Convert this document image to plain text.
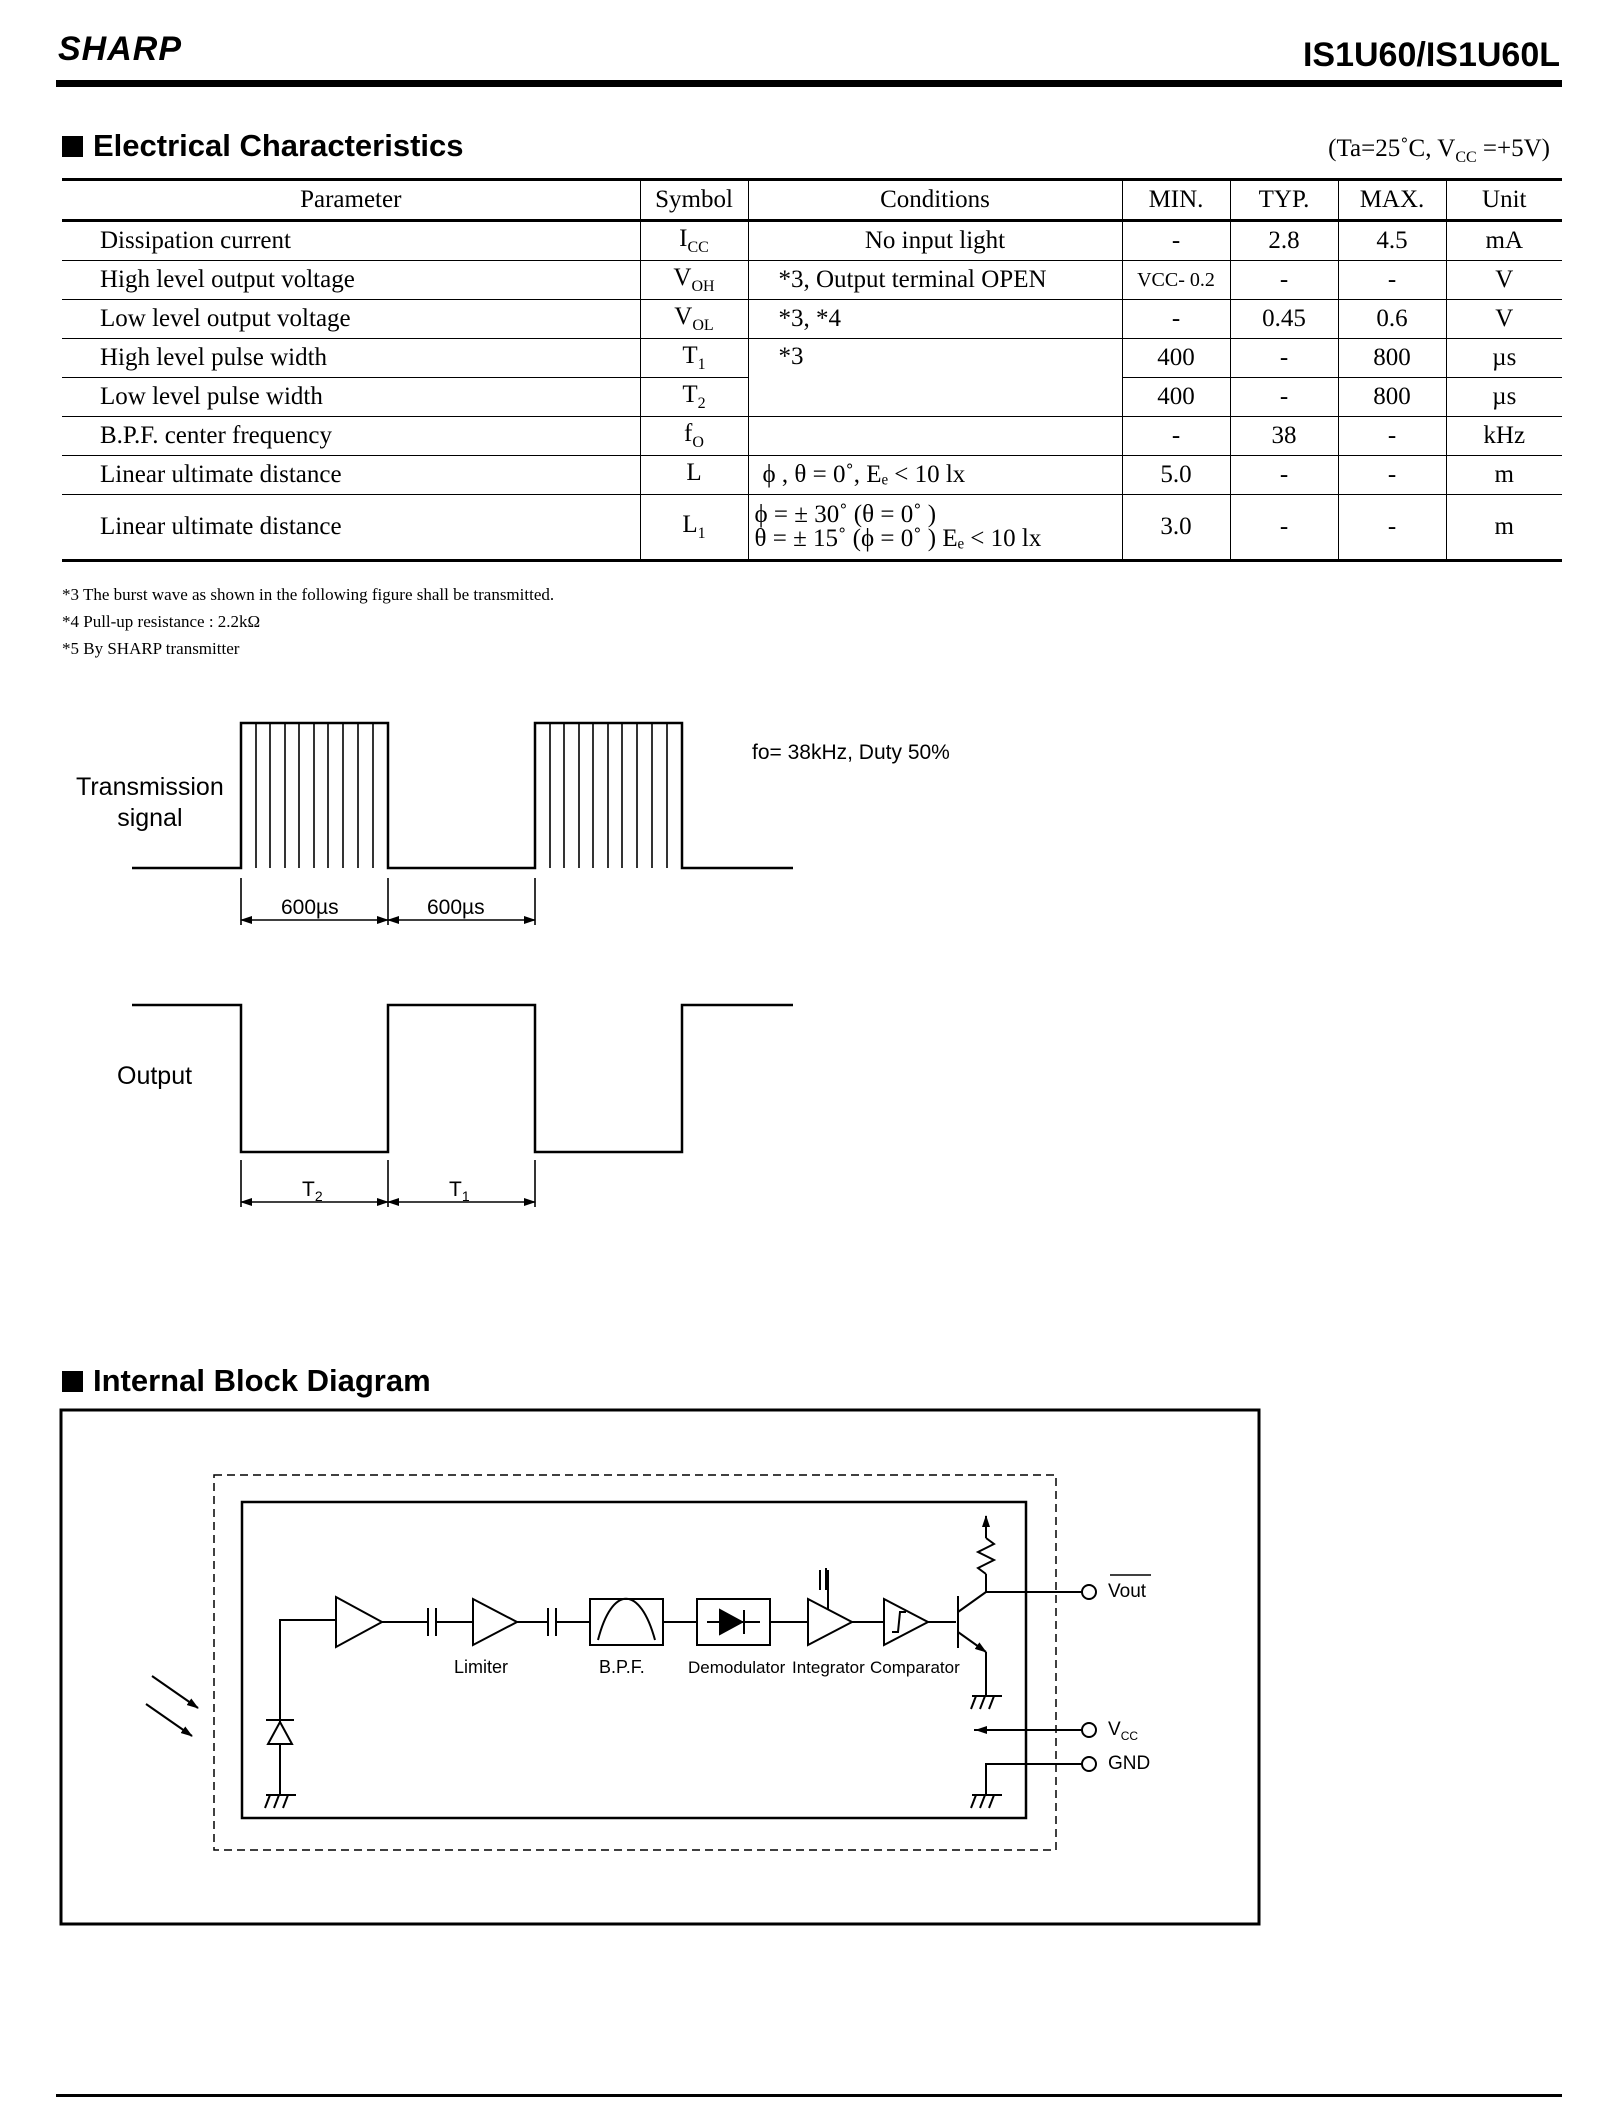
SHARP	IS1U60/IS1U60L
Electrical Characteristics	(Ta=25˚C, $V_{CC} =+5V$)
Parameter	Symbol	Conditions	MIN.	TYP.	MAX.	Unit
Dissipation current	$I_{CC}$	No input light	-	2.8	4.5	mA
High level output voltage	$V_{OH}$	*3, Output terminal OPEN	VCC- 0.2	-	-	V
Low level output voltage	$V_{OL}$	*3, *4	-	0.45	0.6	V
High level pulse width	$T_1$	*3	400	-	800	µs
Low level pulse width	$T_2$		400	-	800	µs
B.P.F. center frequency	$f_O$		-	38	-	kHz
Linear ultimate distance	L	ϕ , θ = 0˚, Eₑ < 10 lx	5.0	-	-	m
Linear ultimate distance	$L_1$	ϕ = ± 30˚ (θ = 0˚ )
θ = ± 15˚ (ϕ = 0˚ ) Eₑ < 10 lx	3.0	-	-	m
*3 The burst wave as shown in the following figure shall be transmitted.
*4 Pull-up resistance : 2.2kΩ
*5 By SHARP transmitter
Transmission
signal
fo= 38kHz, Duty 50%
600µs	600µs
Output
$T_2$	$T_1$
Internal Block Diagram
Limiter	B.P.F.	Demodulator Integrator Comparator
Vout
$V_{CC}$
GND
